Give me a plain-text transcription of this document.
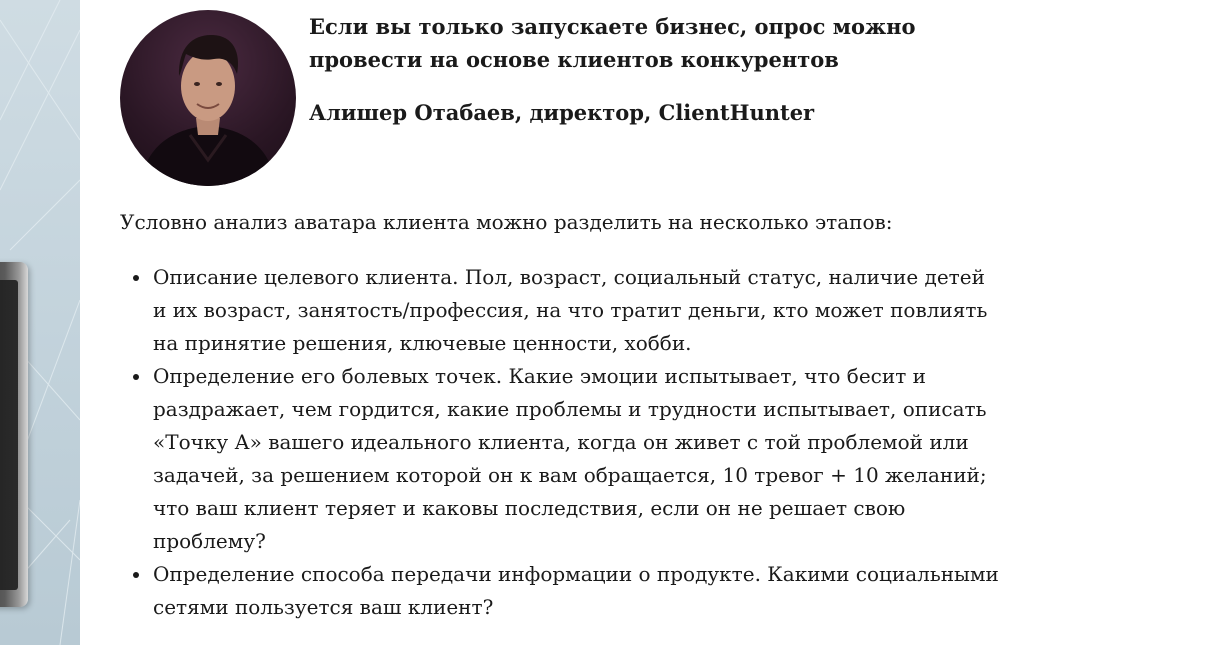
Если вы только запускаете бизнес, опрос можно провести на основе клиентов конкурентов

Алишер Отабаев, директор, ClientHunter

Условно анализ аватара клиента можно разделить на несколько этапов:

Описание целевого клиента. Пол, возраст, социальный статус, наличие детей и их возраст, занятость/профессия, на что тратит деньги, кто может повлиять на принятие решения, ключевые ценности, хобби.
Определение его болевых точек. Какие эмоции испытывает, что бесит и раздражает, чем гордится, какие проблемы и трудности испытывает, описать «Точку А» вашего идеального клиента, когда он живет с той проблемой или задачей, за решением которой он к вам обращается, 10 тревог + 10 желаний; что ваш клиент теряет и каковы последствия, если он не решает свою проблему?
Определение способа передачи информации о продукте. Какими социальными сетями пользуется ваш клиент?
